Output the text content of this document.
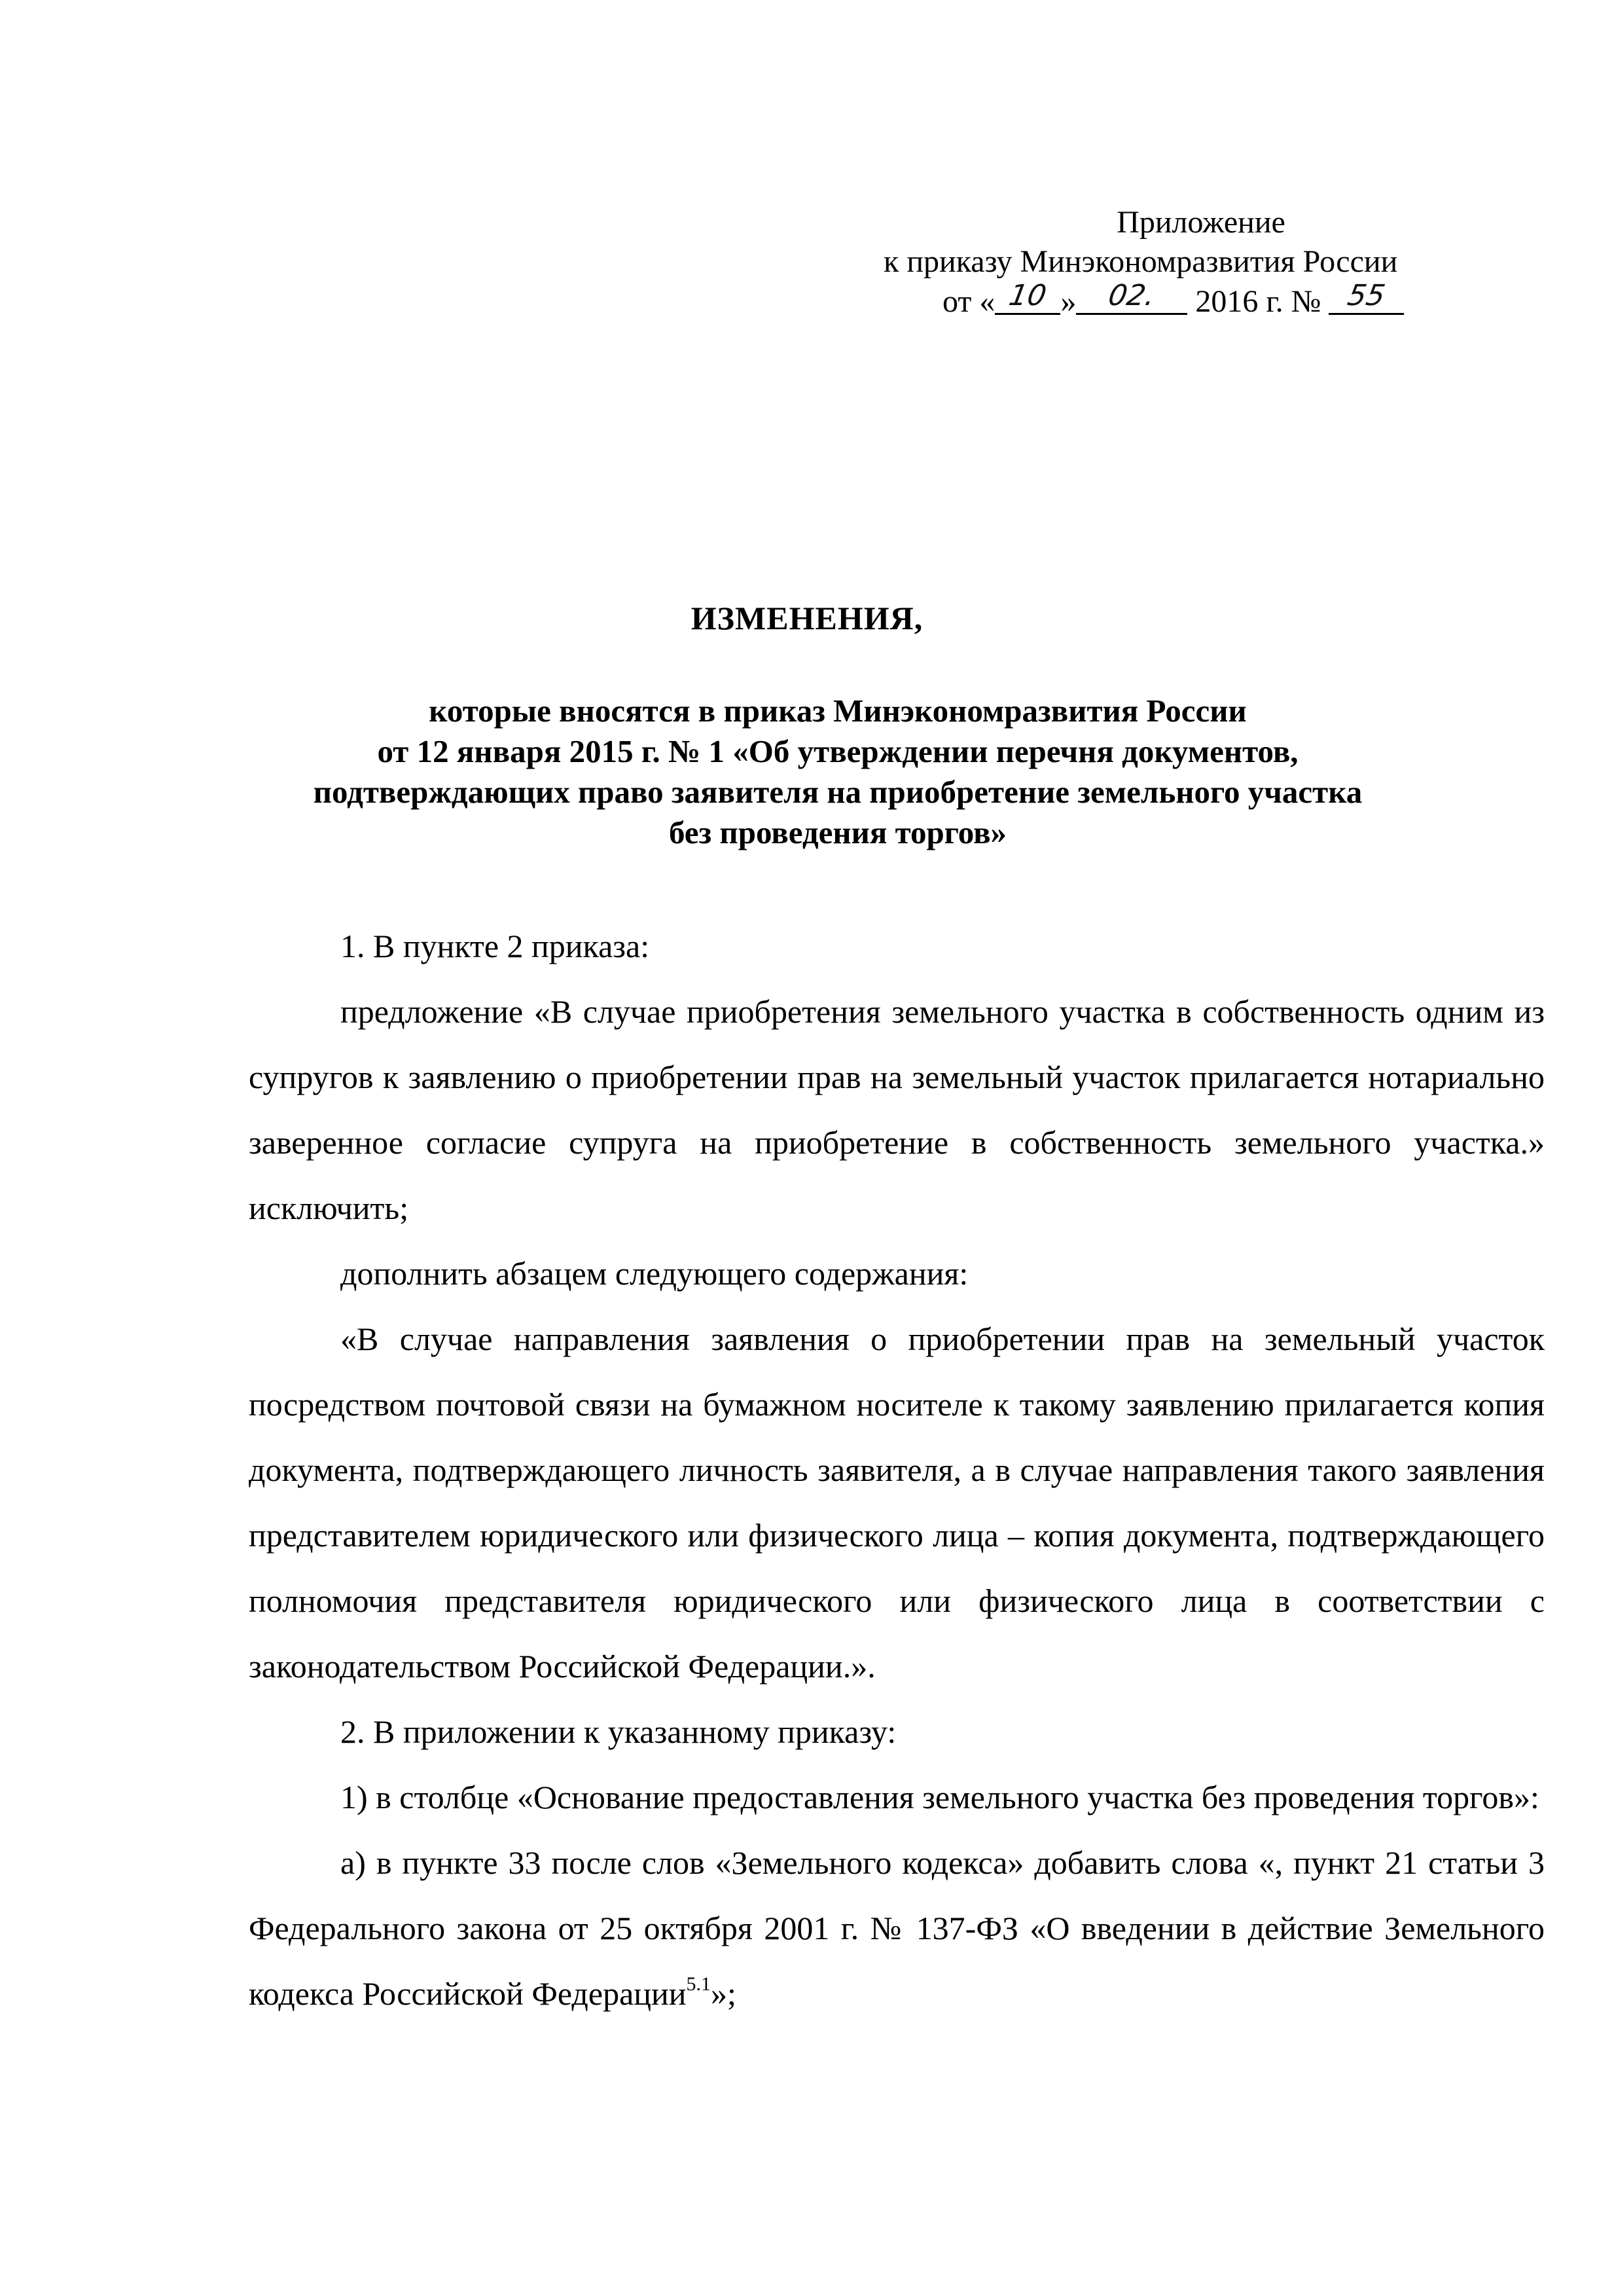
Приложение
к приказу Минэкономразвития России
от « 10 »	02.	2016 г. № 55
ИЗМЕНЕНИЯ,
которые вносятся в приказ Минэкономразвития России
от 12 января 2015 г. № 1 «Об утверждении перечня документов,
подтверждающих право заявителя на приобретение земельного участка
без проведения торгов»

1. В пункте 2 приказа:

предложение «В случае приобретения земельного участка в собственность одним из супругов к заявлению о приобретении прав на земельный участок прилагается нотариально заверенное согласие супруга на приобретение в собственность земельного участка.» исключить;

дополнить абзацем следующего содержания:

«В случае направления заявления о приобретении прав на земельный участок посредством почтовой связи на бумажном носителе к такому заявлению прилагается копия документа, подтверждающего личность заявителя, а в случае направления такого заявления представителем юридического или физического лица – копия документа, подтверждающего полномочия представителя юридического или физического лица в соответствии с законодательством Российской Федерации.».

2. В приложении к указанному приказу:

1) в столбце «Основание предоставления земельного участка без проведения торгов»:

а) в пункте 33 после слов «Земельного кодекса» добавить слова «, пункт 21 статьи 3 Федерального закона от 25 октября 2001 г. № 137-ФЗ «О введении в действие Земельного кодекса Российской Федерации$^{5.1}$»;
